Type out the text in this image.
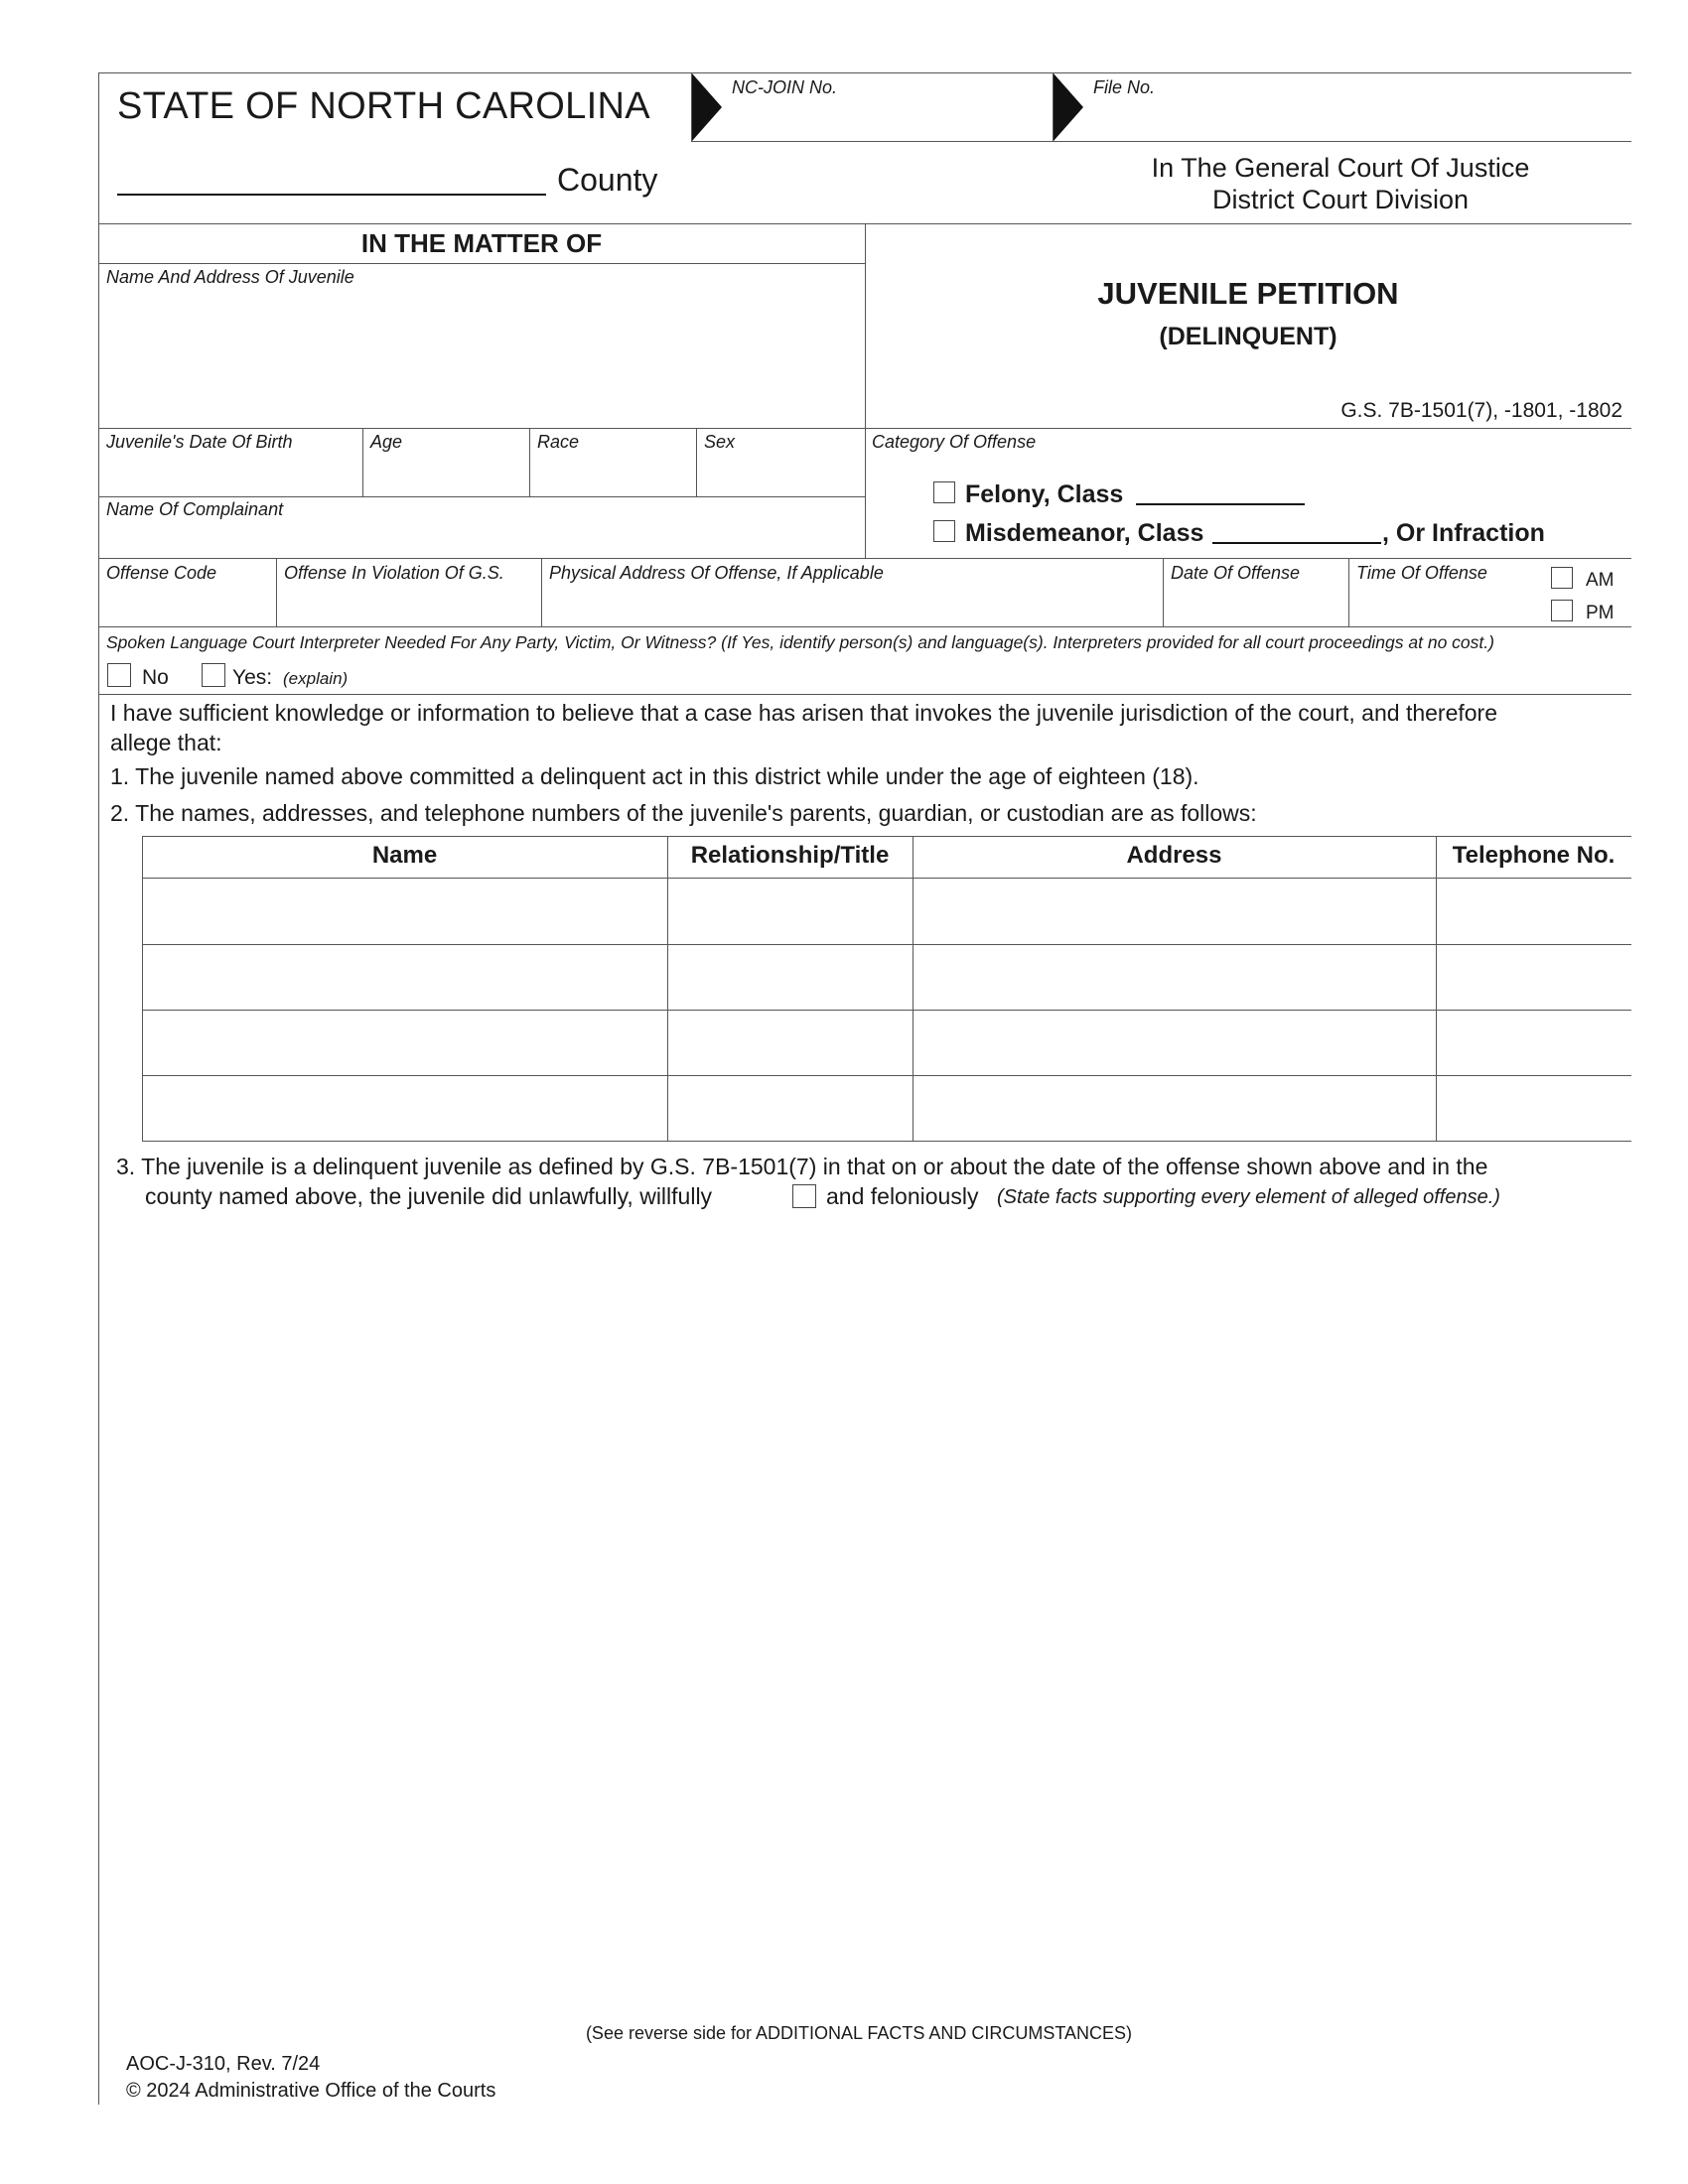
STATE OF NORTH CAROLINA
County
NC-JOIN No.	File No.
In The General Court Of Justice
District Court Division
IN THE MATTER OF
Name And Address Of Juvenile
Juvenile's Date Of Birth	Age	Race	Sex
Name Of Complainant
JUVENILE PETITION
(DELINQUENT)
G.S. 7B-1501(7), -1801, -1802
Category Of Offense
Felony, Class
Misdemeanor, Class	, Or Infraction
Offense Code	Offense In Violation Of G.S.	Physical Address Of Offense, If Applicable	Date Of Offense	Time Of Offense	AM
PM
Spoken Language Court Interpreter Needed For Any Party, Victim, Or Witness? (If Yes, identify person(s) and language(s). Interpreters provided for all court proceedings at no cost.)
No	Yes: (explain)
I have sufficient knowledge or information to believe that a case has arisen that invokes the juvenile jurisdiction of the court, and therefore
allege that:
1. The juvenile named above committed a delinquent act in this district while under the age of eighteen (18).
2. The names, addresses, and telephone numbers of the juvenile's parents, guardian, or custodian are as follows:
Name	Relationship/Title	Address	Telephone No.
3. The juvenile is a delinquent juvenile as defined by G.S. 7B-1501(7) in that on or about the date of the offense shown above and in the
county named above, the juvenile did unlawfully, willfully	and feloniously (State facts supporting every element of alleged offense.)
(See reverse side for ADDITIONAL FACTS AND CIRCUMSTANCES)
AOC-J-310, Rev. 7/24
© 2024 Administrative Office of the Courts
